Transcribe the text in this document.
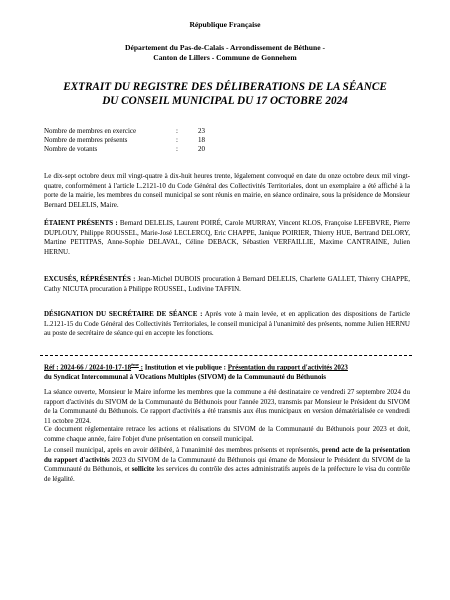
République Française
Département du Pas-de-Calais - Arrondissement de Béthune -
Canton de Lillers - Commune de Gonnehem
EXTRAIT DU REGISTRE DES DÉLIBERATIONS DE LA SÉANCE
DU CONSEIL MUNICIPAL DU 17 OCTOBRE 2024
Nombre de membres en exercice	:	23
Nombre de membres présents	:	18
Nombre de votants	:	20

Le dix-sept octobre deux mil vingt-quatre à dix-huit heures trente, légalement convoqué en date du onze octobre deux mil vingt-quatre, conformément à l'article L.2121-10 du Code Général des Collectivités Territoriales, dont un exemplaire a été affiché à la porte de la mairie, les membres du conseil municipal se sont réunis en mairie, en séance ordinaire, sous la présidence de Monsieur Bernard DELELIS, Maire.

ÉTAIENT PRÉSENTS : Bernard DELELIS, Laurent POIRÉ, Carole MURRAY, Vincent KLOS, Françoise LEFEBVRE, Pierre DUPLOUY, Philippe ROUSSEL, Marie-José LECLERCQ, Eric CHAPPE, Janique POIRIER, Thierry HUE, Bertrand DELORY, Martine PETITPAS, Anne-Sophie DELAVAL, Céline DEBACK, Sébastien VERFAILLIE, Maxime CANTRAINE, Julien HERNU.

EXCUSÉS, RÉPRÉSENTÉS : Jean-Michel DUBOIS procuration à Bernard DELELIS, Charlette GALLET, Thierry CHAPPE, Cathy NICUTA procuration à Philippe ROUSSEL, Ludivine TAFFIN.

DÉSIGNATION DU SECRÉTAIRE DE SÉANCE : Après vote à main levée, et en application des dispositions de l'article L.2121-15 du Code Général des Collectivités Territoriales, le conseil municipal à l'unanimité des présents, nomme Julien HERNU au poste de secrétaire de séance qui en accepte les fonctions.

Réf : 2024-66 / 2024-10-17-18ème : Institution et vie publique : Présentation du rapport d'activités 2023
du Syndicat Intercommunal à VOcations Multiples (SIVOM) de la Communauté du Béthunois

La séance ouverte, Monsieur le Maire informe les membres que la commune a été destinataire ce vendredi 27 septembre 2024 du rapport d'activités du SIVOM de la Communauté du Béthunois pour l'année 2023, transmis par Monsieur le Président du SIVOM de la Communauté du Béthunois. Ce rapport d'activités a été transmis aux élus municipaux en version dématérialisée ce vendredi 11 octobre 2024.

Ce document réglementaire retrace les actions et réalisations du SIVOM de la Communauté du Béthunois pour 2023 et doit, comme chaque année, faire l'objet d'une présentation en conseil municipal.

Le conseil municipal, après en avoir délibéré, à l'unanimité des membres présents et représentés, prend acte de la présentation du rapport d'activités 2023 du SIVOM de la Communauté du Béthunois qui émane de Monsieur le Président du SIVOM de la Communauté du Béthunois, et sollicite les services du contrôle des actes administratifs auprès de la préfecture le visa du contrôle de légalité.
